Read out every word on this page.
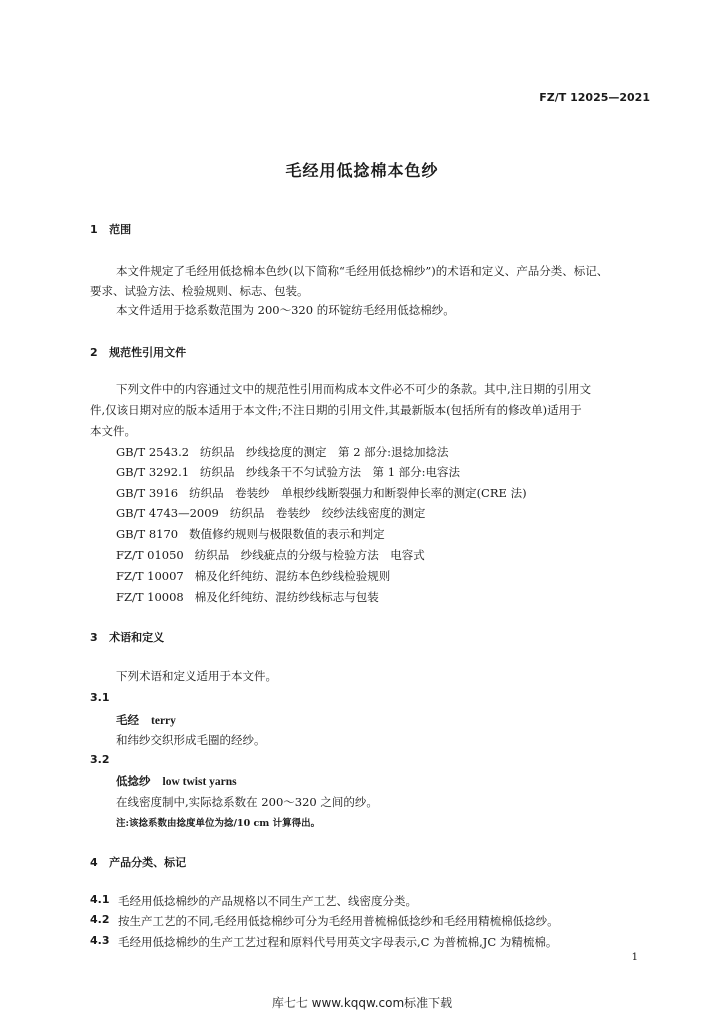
FZ/T 12025—2021
毛经用低捻棉本色纱
1 范围
本文件规定了毛经用低捻棉本色纱(以下简称“毛经用低捻棉纱”)的术语和定义、产品分类、标记、
要求、试验方法、检验规则、标志、包装。
本文件适用于捻系数范围为 200～320 的环锭纺毛经用低捻棉纱。
2 规范性引用文件
下列文件中的内容通过文中的规范性引用而构成本文件必不可少的条款。其中,注日期的引用文
件,仅该日期对应的版本适用于本文件;不注日期的引用文件,其最新版本(包括所有的修改单)适用于
本文件。
GB/T 2543.2 纺织品　纱线捻度的测定　第 2 部分:退捻加捻法
GB/T 3292.1 纺织品　纱线条干不匀试验方法　第 1 部分:电容法
GB/T 3916 纺织品　卷装纱　单根纱线断裂强力和断裂伸长率的测定(CRE 法)
GB/T 4743—2009 纺织品　卷装纱　绞纱法线密度的测定
GB/T 8170 数值修约规则与极限数值的表示和判定
FZ/T 01050 纺织品　纱线疵点的分级与检验方法　电容式
FZ/T 10007 棉及化纤纯纺、混纺本色纱线检验规则
FZ/T 10008 棉及化纤纯纺、混纺纱线标志与包装
3 术语和定义
下列术语和定义适用于本文件。
3.1
毛经 terry
和纬纱交织形成毛圈的经纱。
3.2
低捻纱 low twist yarns
在线密度制中,实际捻系数在 200～320 之间的纱。
注:该捻系数由捻度单位为捻/10 cm 计算得出。
4 产品分类、标记
4.1 毛经用低捻棉纱的产品规格以不同生产工艺、线密度分类。
4.2 按生产工艺的不同,毛经用低捻棉纱可分为毛经用普梳棉低捻纱和毛经用精梳棉低捻纱。
4.3 毛经用低捻棉纱的生产工艺过程和原料代号用英文字母表示,C 为普梳棉,JC 为精梳棉。
1
库七七 www.kqqw.com标准下载
